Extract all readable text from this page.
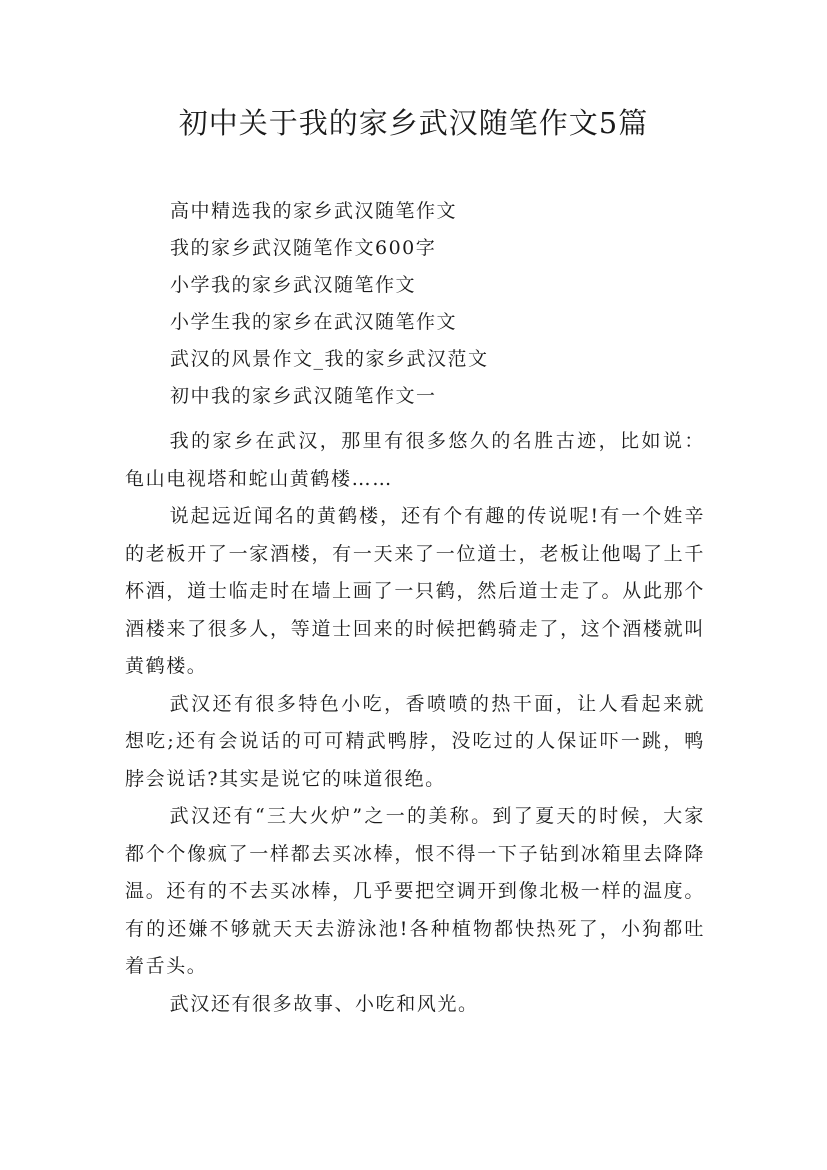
初中关于我的家乡武汉随笔作文5篇
高中精选我的家乡武汉随笔作文
我的家乡武汉随笔作文600字
小学我的家乡武汉随笔作文
小学生我的家乡在武汉随笔作文
武汉的风景作文_我的家乡武汉范文
初中我的家乡武汉随笔作文一

我的家乡在武汉，那里有很多悠久的名胜古迹，比如说：龟山电视塔和蛇山黄鹤楼……

说起远近闻名的黄鹤楼，还有个有趣的传说呢!有一个姓辛的老板开了一家酒楼，有一天来了一位道士，老板让他喝了上千杯酒，道士临走时在墙上画了一只鹤，然后道士走了。从此那个酒楼来了很多人，等道士回来的时候把鹤骑走了，这个酒楼就叫黄鹤楼。

武汉还有很多特色小吃，香喷喷的热干面，让人看起来就想吃;还有会说话的可可精武鸭脖，没吃过的人保证吓一跳，鸭脖会说话?其实是说它的味道很绝。

武汉还有“三大火炉”之一的美称。到了夏天的时候，大家都个个像疯了一样都去买冰棒，恨不得一下子钻到冰箱里去降降温。还有的不去买冰棒，几乎要把空调开到像北极一样的温度。有的还嫌不够就天天去游泳池!各种植物都快热死了，小狗都吐着舌头。

武汉还有很多故事、小吃和风光。
